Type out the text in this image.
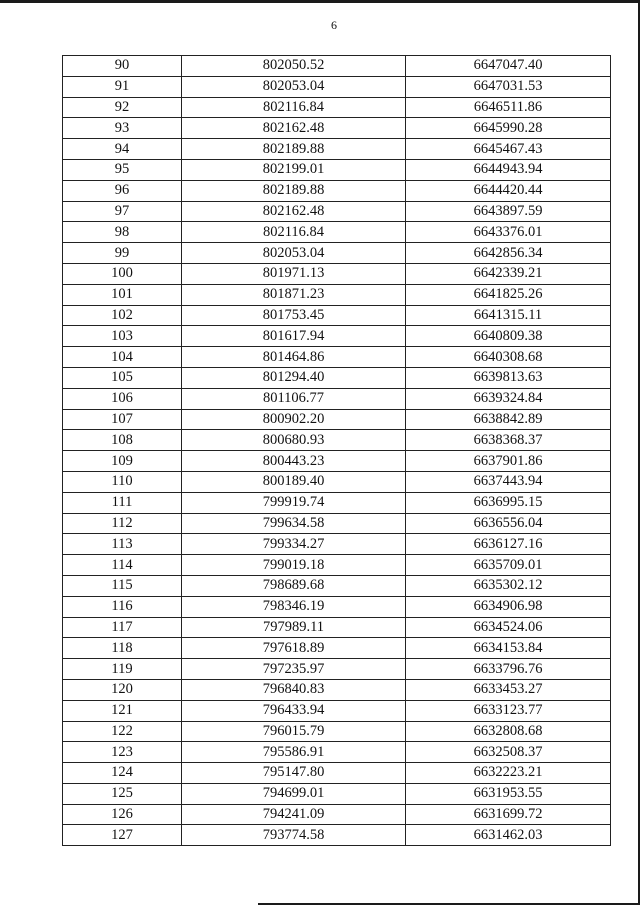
6
90	802050.52	6647047.40
91	802053.04	6647031.53
92	802116.84	6646511.86
93	802162.48	6645990.28
94	802189.88	6645467.43
95	802199.01	6644943.94
96	802189.88	6644420.44
97	802162.48	6643897.59
98	802116.84	6643376.01
99	802053.04	6642856.34
100	801971.13	6642339.21
101	801871.23	6641825.26
102	801753.45	6641315.11
103	801617.94	6640809.38
104	801464.86	6640308.68
105	801294.40	6639813.63
106	801106.77	6639324.84
107	800902.20	6638842.89
108	800680.93	6638368.37
109	800443.23	6637901.86
110	800189.40	6637443.94
111	799919.74	6636995.15
112	799634.58	6636556.04
113	799334.27	6636127.16
114	799019.18	6635709.01
115	798689.68	6635302.12
116	798346.19	6634906.98
117	797989.11	6634524.06
118	797618.89	6634153.84
119	797235.97	6633796.76
120	796840.83	6633453.27
121	796433.94	6633123.77
122	796015.79	6632808.68
123	795586.91	6632508.37
124	795147.80	6632223.21
125	794699.01	6631953.55
126	794241.09	6631699.72
127	793774.58	6631462.03
